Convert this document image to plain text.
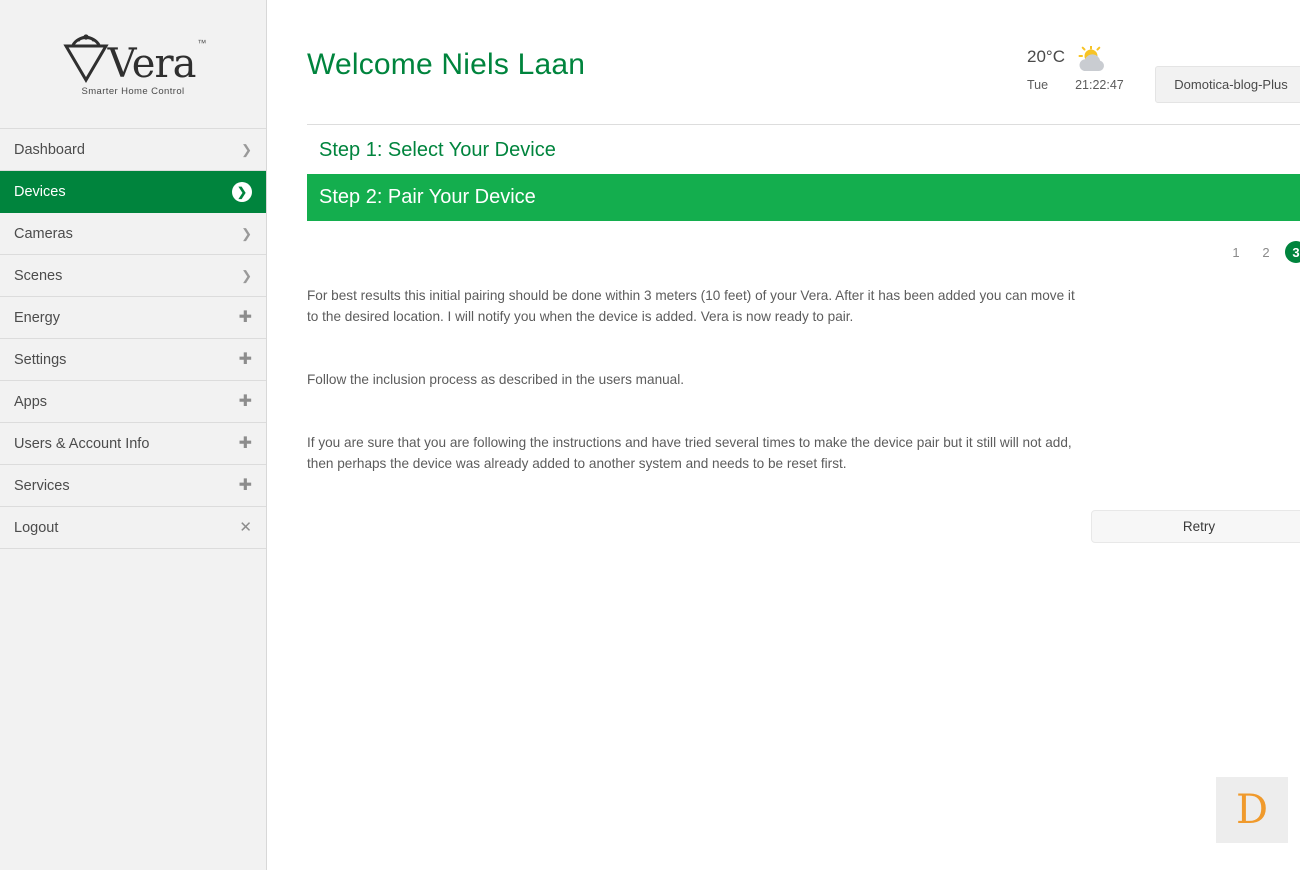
Vera ™
Smarter Home Control
Dashboard	❯
Devices	❯
Cameras	❯
Scenes	❯
Energy	✚
Settings	✚
Apps	✚
Users & Account Info	✚
Services	✚
Logout	✕
Welcome Niels Laan	20°C
Tue 21:22:47	Domotica-blog-Plus
Step 1: Select Your Device
Step 2: Pair Your Device
1	2	3

For best results this initial pairing should be done within 3 meters (10 feet) of your Vera. After it has been added you can move it to the desired location. I will notify you when the device is added. Vera is now ready to pair.

Follow the inclusion process as described in the users manual.

If you are sure that you are following the instructions and have tried several times to make the device pair but it still will not add, then perhaps the device was already added to another system and needs to be reset first.

Retry
D
